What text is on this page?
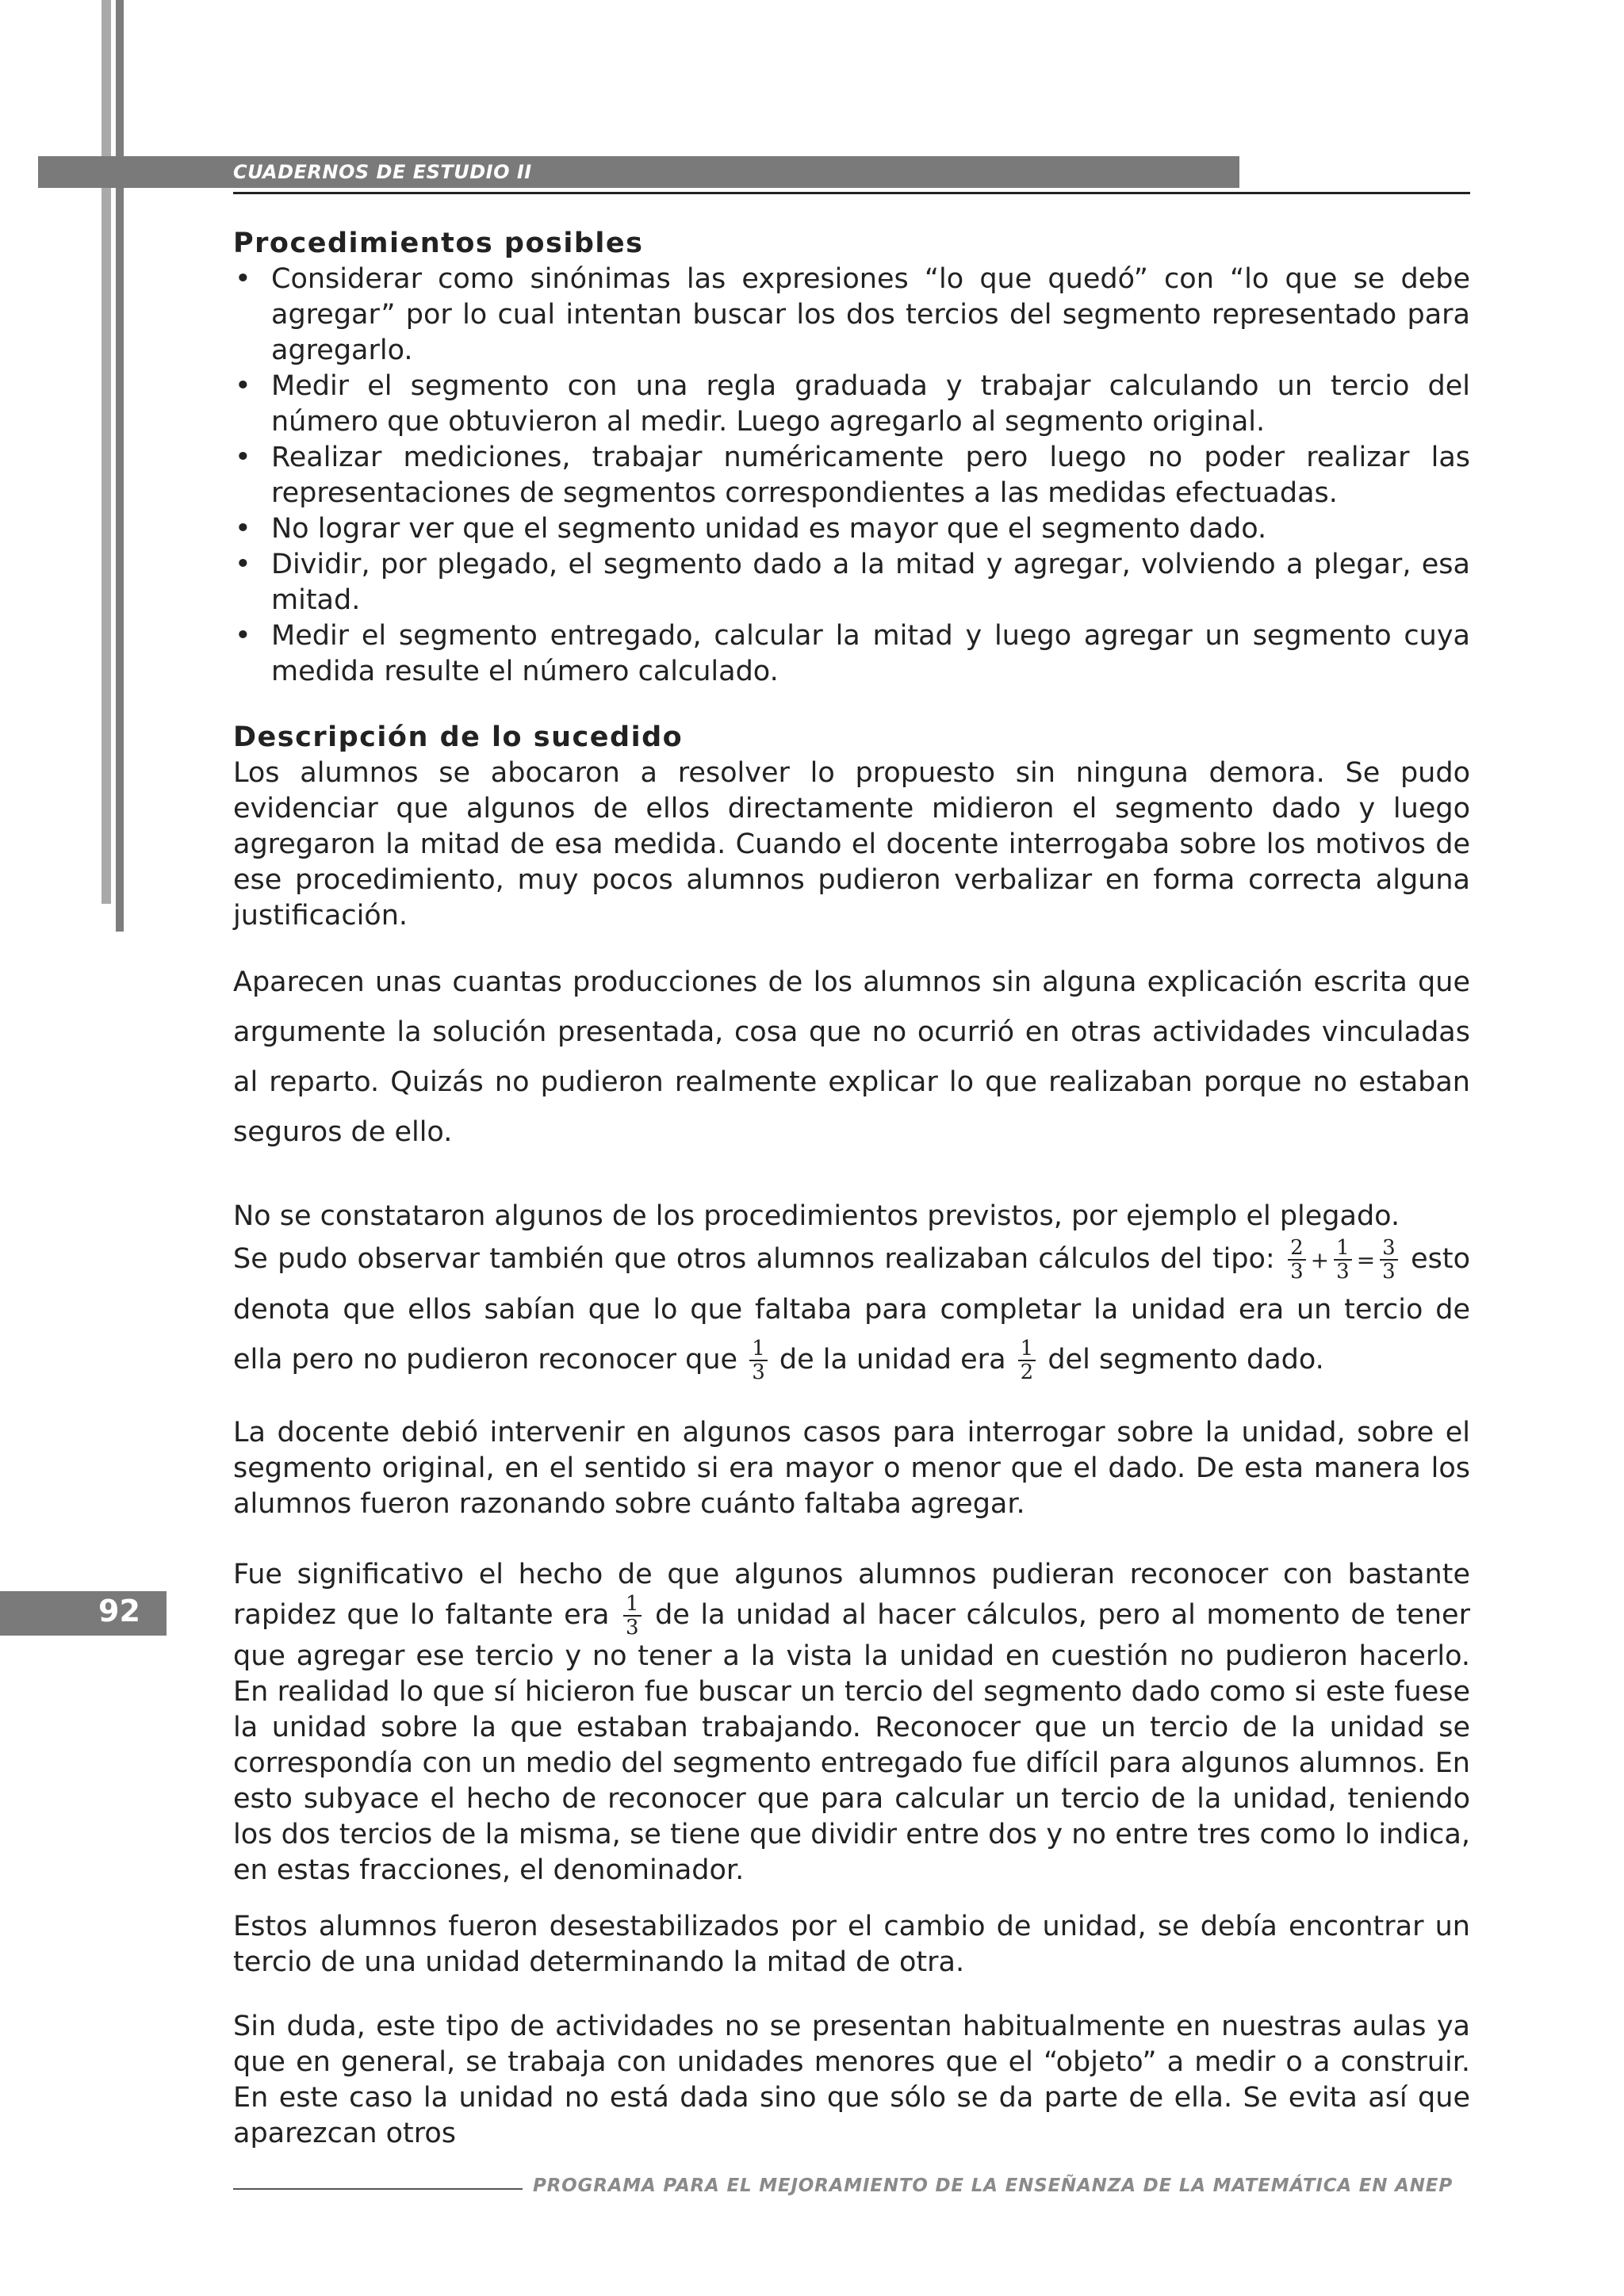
CUADERNOS DE ESTUDIO II
92
Procedimientos posibles
• Considerar como sinónimas las expresiones “lo que quedó” con “lo que se debe agregar” por lo cual intentan buscar los dos tercios del segmento representado para agregarlo.
• Medir el segmento con una regla graduada y trabajar calculando un tercio del número que obtuvieron al medir. Luego agregarlo al segmento original.
• Realizar mediciones, trabajar numéricamente pero luego no poder realizar las representaciones de segmentos correspondientes a las medidas efectuadas.
• No lograr ver que el segmento unidad es mayor que el segmento dado.
• Dividir, por plegado, el segmento dado a la mitad y agregar, volviendo a plegar, esa mitad.
• Medir el segmento entregado, calcular la mitad y luego agregar un segmento cuya medida resulte el número calculado.
Descripción de lo sucedido

Los alumnos se abocaron a resolver lo propuesto sin ninguna demora. Se pudo evidenciar que algunos de ellos directamente midieron el segmento dado y luego agregaron la mitad de esa medida. Cuando el docente interrogaba sobre los motivos de ese procedimiento, muy pocos alumnos pudieron verbalizar en forma correcta alguna justificación.

Aparecen unas cuantas producciones de los alumnos sin alguna explicación escrita que argumente la solución presentada, cosa que no ocurrió en otras actividades vinculadas al reparto. Quizás no pudieron realmente explicar lo que realizaban porque no estaban seguros de ello.

No se constataron algunos de los procedimientos previstos, por ejemplo el plegado.

Se pudo observar también que otros alumnos realizaban cálculos del tipo: $\frac{2}{3} + \frac{1}{3} = \frac{3}{3}$ esto denota que ellos sabían que lo que faltaba para completar la unidad era un tercio de ella pero no pudieron reconocer que $\frac{1}{3}$ de la unidad era $\frac{1}{2}$ del segmento dado.

La docente debió intervenir en algunos casos para interrogar sobre la unidad, sobre el segmento original, en el sentido si era mayor o menor que el dado. De esta manera los alumnos fueron razonando sobre cuánto faltaba agregar.

Fue significativo el hecho de que algunos alumnos pudieran reconocer con bastante rapidez que lo faltante era $\frac{1}{3}$ de la unidad al hacer cálculos, pero al momento de tener que agregar ese tercio y no tener a la vista la unidad en cuestión no pudieron hacerlo. En realidad lo que sí hicieron fue buscar un tercio del segmento dado como si este fuese la unidad sobre la que estaban trabajando. Reconocer que un tercio de la unidad se correspondía con un medio del segmento entregado fue difícil para algunos alumnos. En esto subyace el hecho de reconocer que para calcular un tercio de la unidad, teniendo los dos tercios de la misma, se tiene que dividir entre dos y no entre tres como lo indica, en estas fracciones, el denominador.

Estos alumnos fueron desestabilizados por el cambio de unidad, se debía encontrar un tercio de una unidad determinando la mitad de otra.

Sin duda, este tipo de actividades no se presentan habitualmente en nuestras aulas ya que en general, se trabaja con unidades menores que el “objeto” a medir o a construir. En este caso la unidad no está dada sino que sólo se da parte de ella. Se evita así que aparezcan otros

PROGRAMA PARA EL MEJORAMIENTO DE LA ENSEÑANZA DE LA MATEMÁTICA EN ANEP
